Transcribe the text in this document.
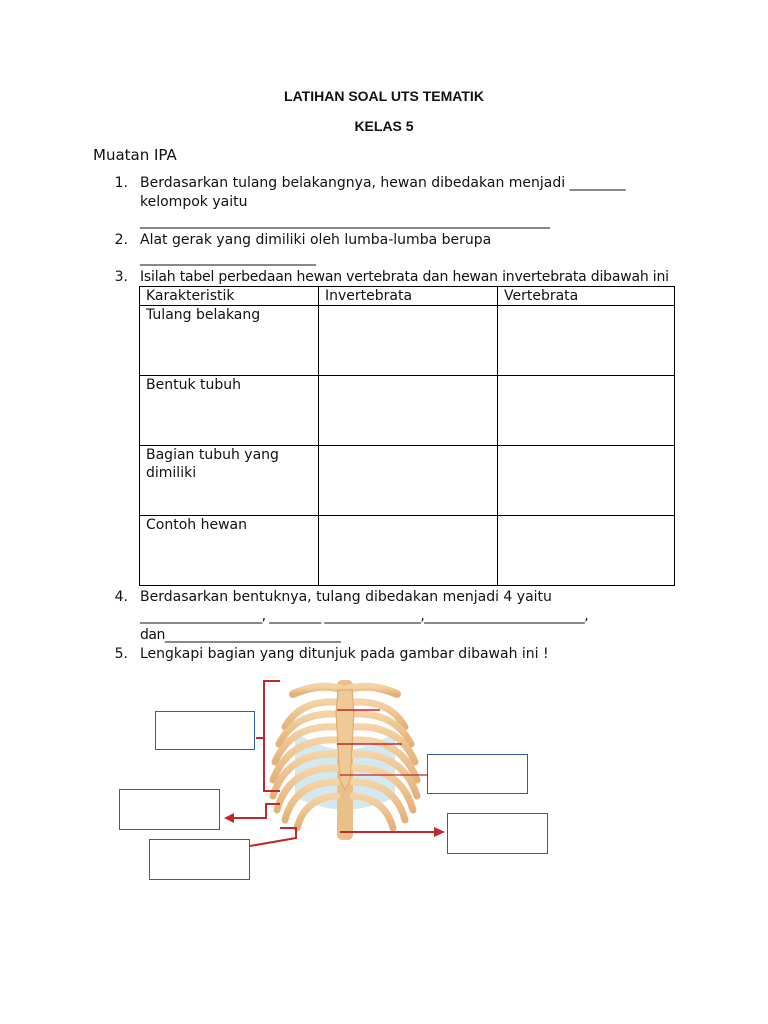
LATIHAN SOAL UTS TEMATIK
KELAS 5
Muatan IPA
1. Berdasarkan tulang belakangnya, hewan dibedakan menjadi ________
kelompok yaitu
_______________________________________________________________
2. Alat gerak yang dimiliki oleh lumba-lumba berupa
___________________________
3. Isilah tabel perbedaan hewan vertebrata dan hewan invertebrata dibawah ini
Karakteristik	Invertebrata	Vertebrata
Tulang belakang		
Bentuk tubuh		
Bagian tubuh yang dimiliki		
Contoh hewan		
4. Berdasarkan bentuknya, tulang dibedakan menjadi 4 yaitu
___________________, ________ _______________,_________________________,
dan___________________________
5. Lengkapi bagian yang ditunjuk pada gambar dibawah ini !
